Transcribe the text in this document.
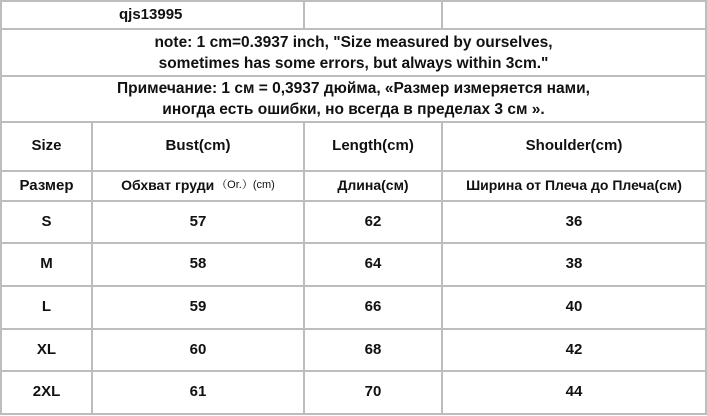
qjs13995
note: 1 cm=0.3937 inch, "Size measured by ourselves,
sometimes has some errors, but always within 3cm."
Примечание: 1 см = 0,3937 дюйма, «Размер измеряется нами,
иногда есть ошибки, но всегда в пределах 3 см ».
Size	Bust(cm)	Length(cm)	Shoulder(cm)
Размер	Обхват груди （Or.）(cm)	Длина(см)	Ширина от Плеча до Плеча(см)
S	57	62	36
M	58	64	38
L	59	66	40
XL	60	68	42
2XL	61	70	44
